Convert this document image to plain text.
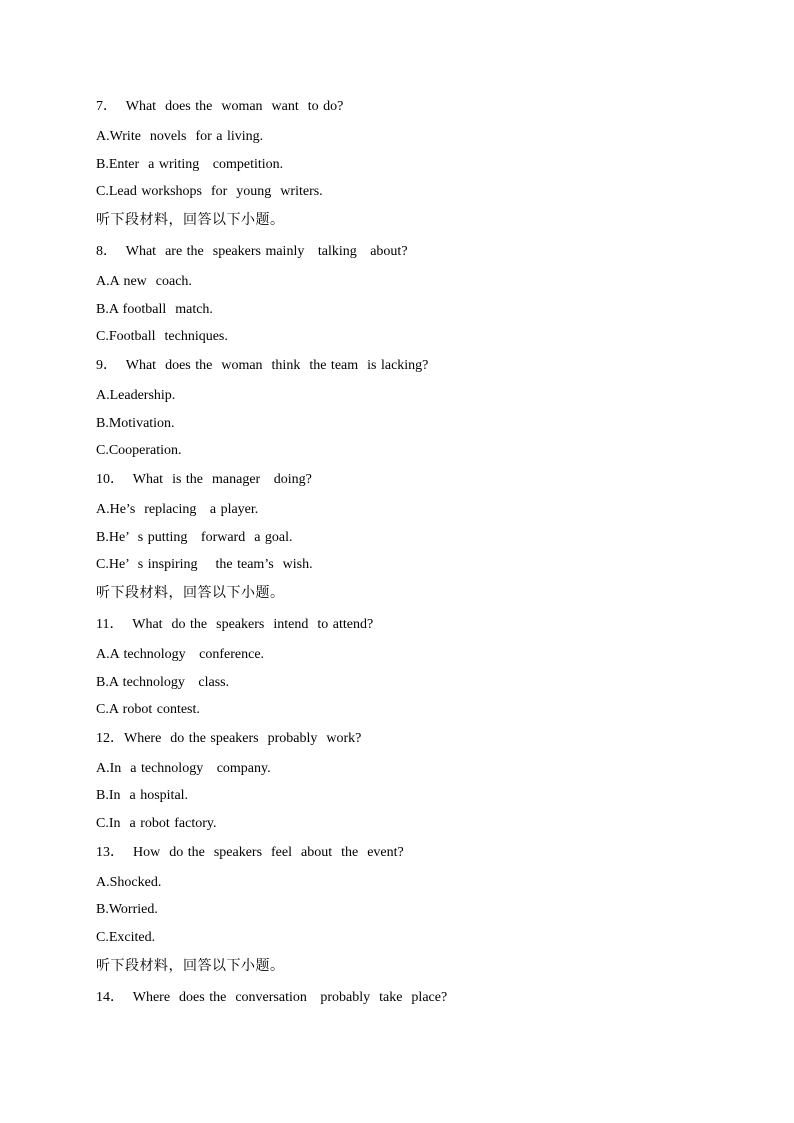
7．  What  does the  woman  want  to do?
A.Write  novels  for a living.
B.Enter  a writing   competition.
C.Lead workshops  for  young  writers.
听下段材料，回答以下小题。
8．  What  are the  speakers mainly   talking   about?
A.A new  coach.
B.A football  match.
C.Football  techniques.
9．  What  does the  woman  think  the team  is lacking?
A.Leadership.
B.Motivation.
C.Cooperation.
10．  What  is the  manager   doing?
A.He’s  replacing   a player.
B.He’  s putting   forward  a goal.
C.He’  s inspiring    the team’s  wish.
听下段材料，回答以下小题。
11．  What  do the  speakers  intend  to attend?
A.A technology   conference.
B.A technology   class.
C.A robot contest.
12．Where  do the speakers  probably  work?
A.In  a technology   company.
B.In  a hospital.
C.In  a robot factory.
13．  How  do the  speakers  feel  about  the  event?
A.Shocked.
B.Worried.
C.Excited.
听下段材料，回答以下小题。
14．  Where  does the  conversation   probably  take  place?
